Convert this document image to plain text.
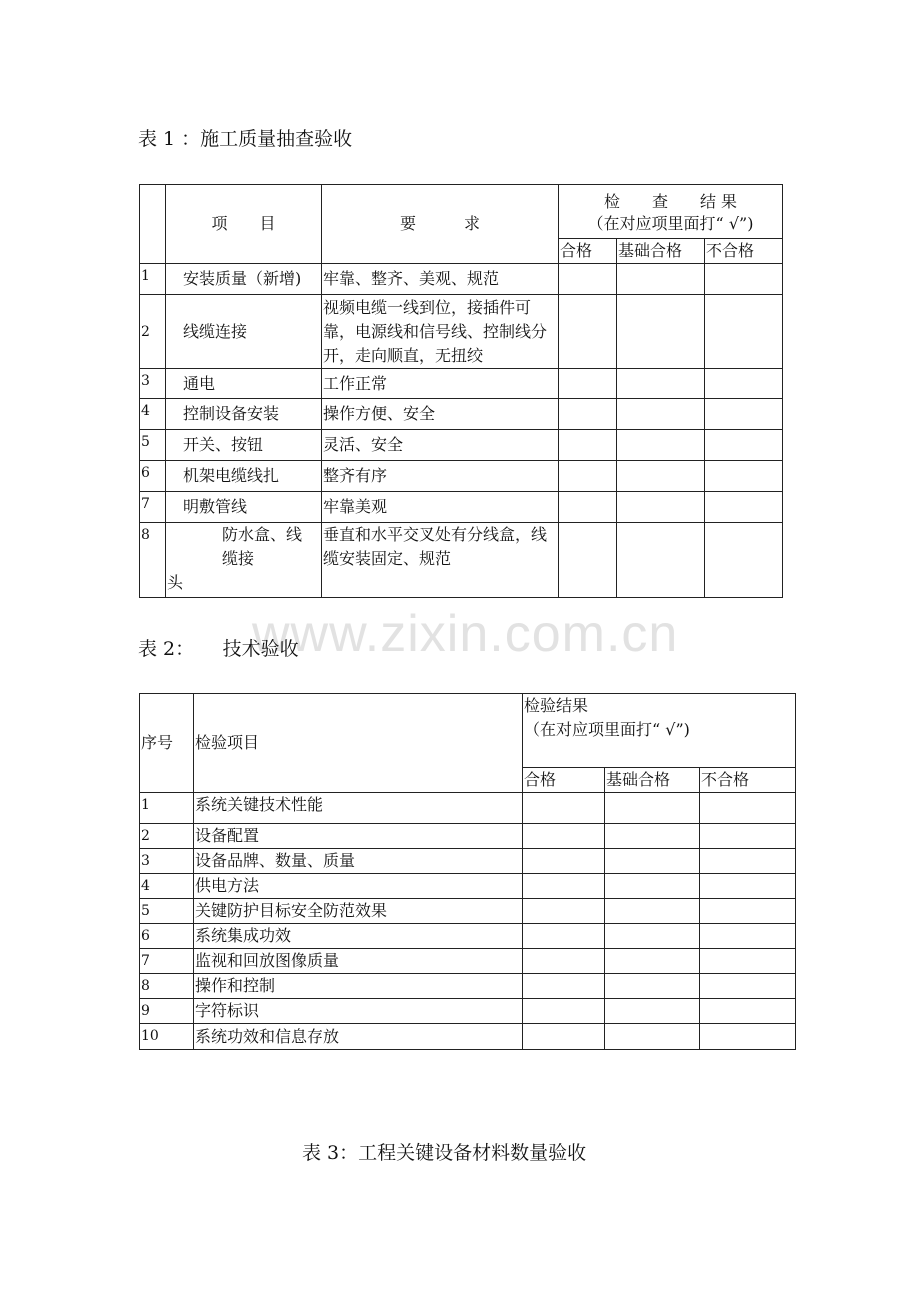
表 1 ：施工质量抽查验收
	项　　目	要　　　求	检　　查　　结 果
（在对应项里面打“ √”)		

			合格	基础合格	不合格
1	安装质量（新增)	牢靠、整齐、美观、规范			
2	线缆连接	视频电缆一线到位，接插件可靠，电源线和信号线、控制线分开，走向顺直，无扭绞			
3	通电	工作正常			
4	控制设备安装	操作方便、安全			
5	开关、按钮	灵活、安全			
6	机架电缆线扎	整齐有序			
7	明敷管线	牢靠美观			
8	防水盒、线
缆接
头	垂直和水平交叉处有分线盒，线缆安装固定、规范			
www.zixin.com.cn
表 2：　　技术验收
序号	检验项目	检验结果
（在对应项里面打“ √”)		

		合格	基础合格	不合格
1	系统关键技术性能			
2	设备配置			
3	设备品牌、数量、质量			
4	供电方法			
5	关键防护目标安全防范效果			
6	系统集成功效			
7	监视和回放图像质量			
8	操作和控制			
9	字符标识			
10	系统功效和信息存放			
表 3：工程关键设备材料数量验收
